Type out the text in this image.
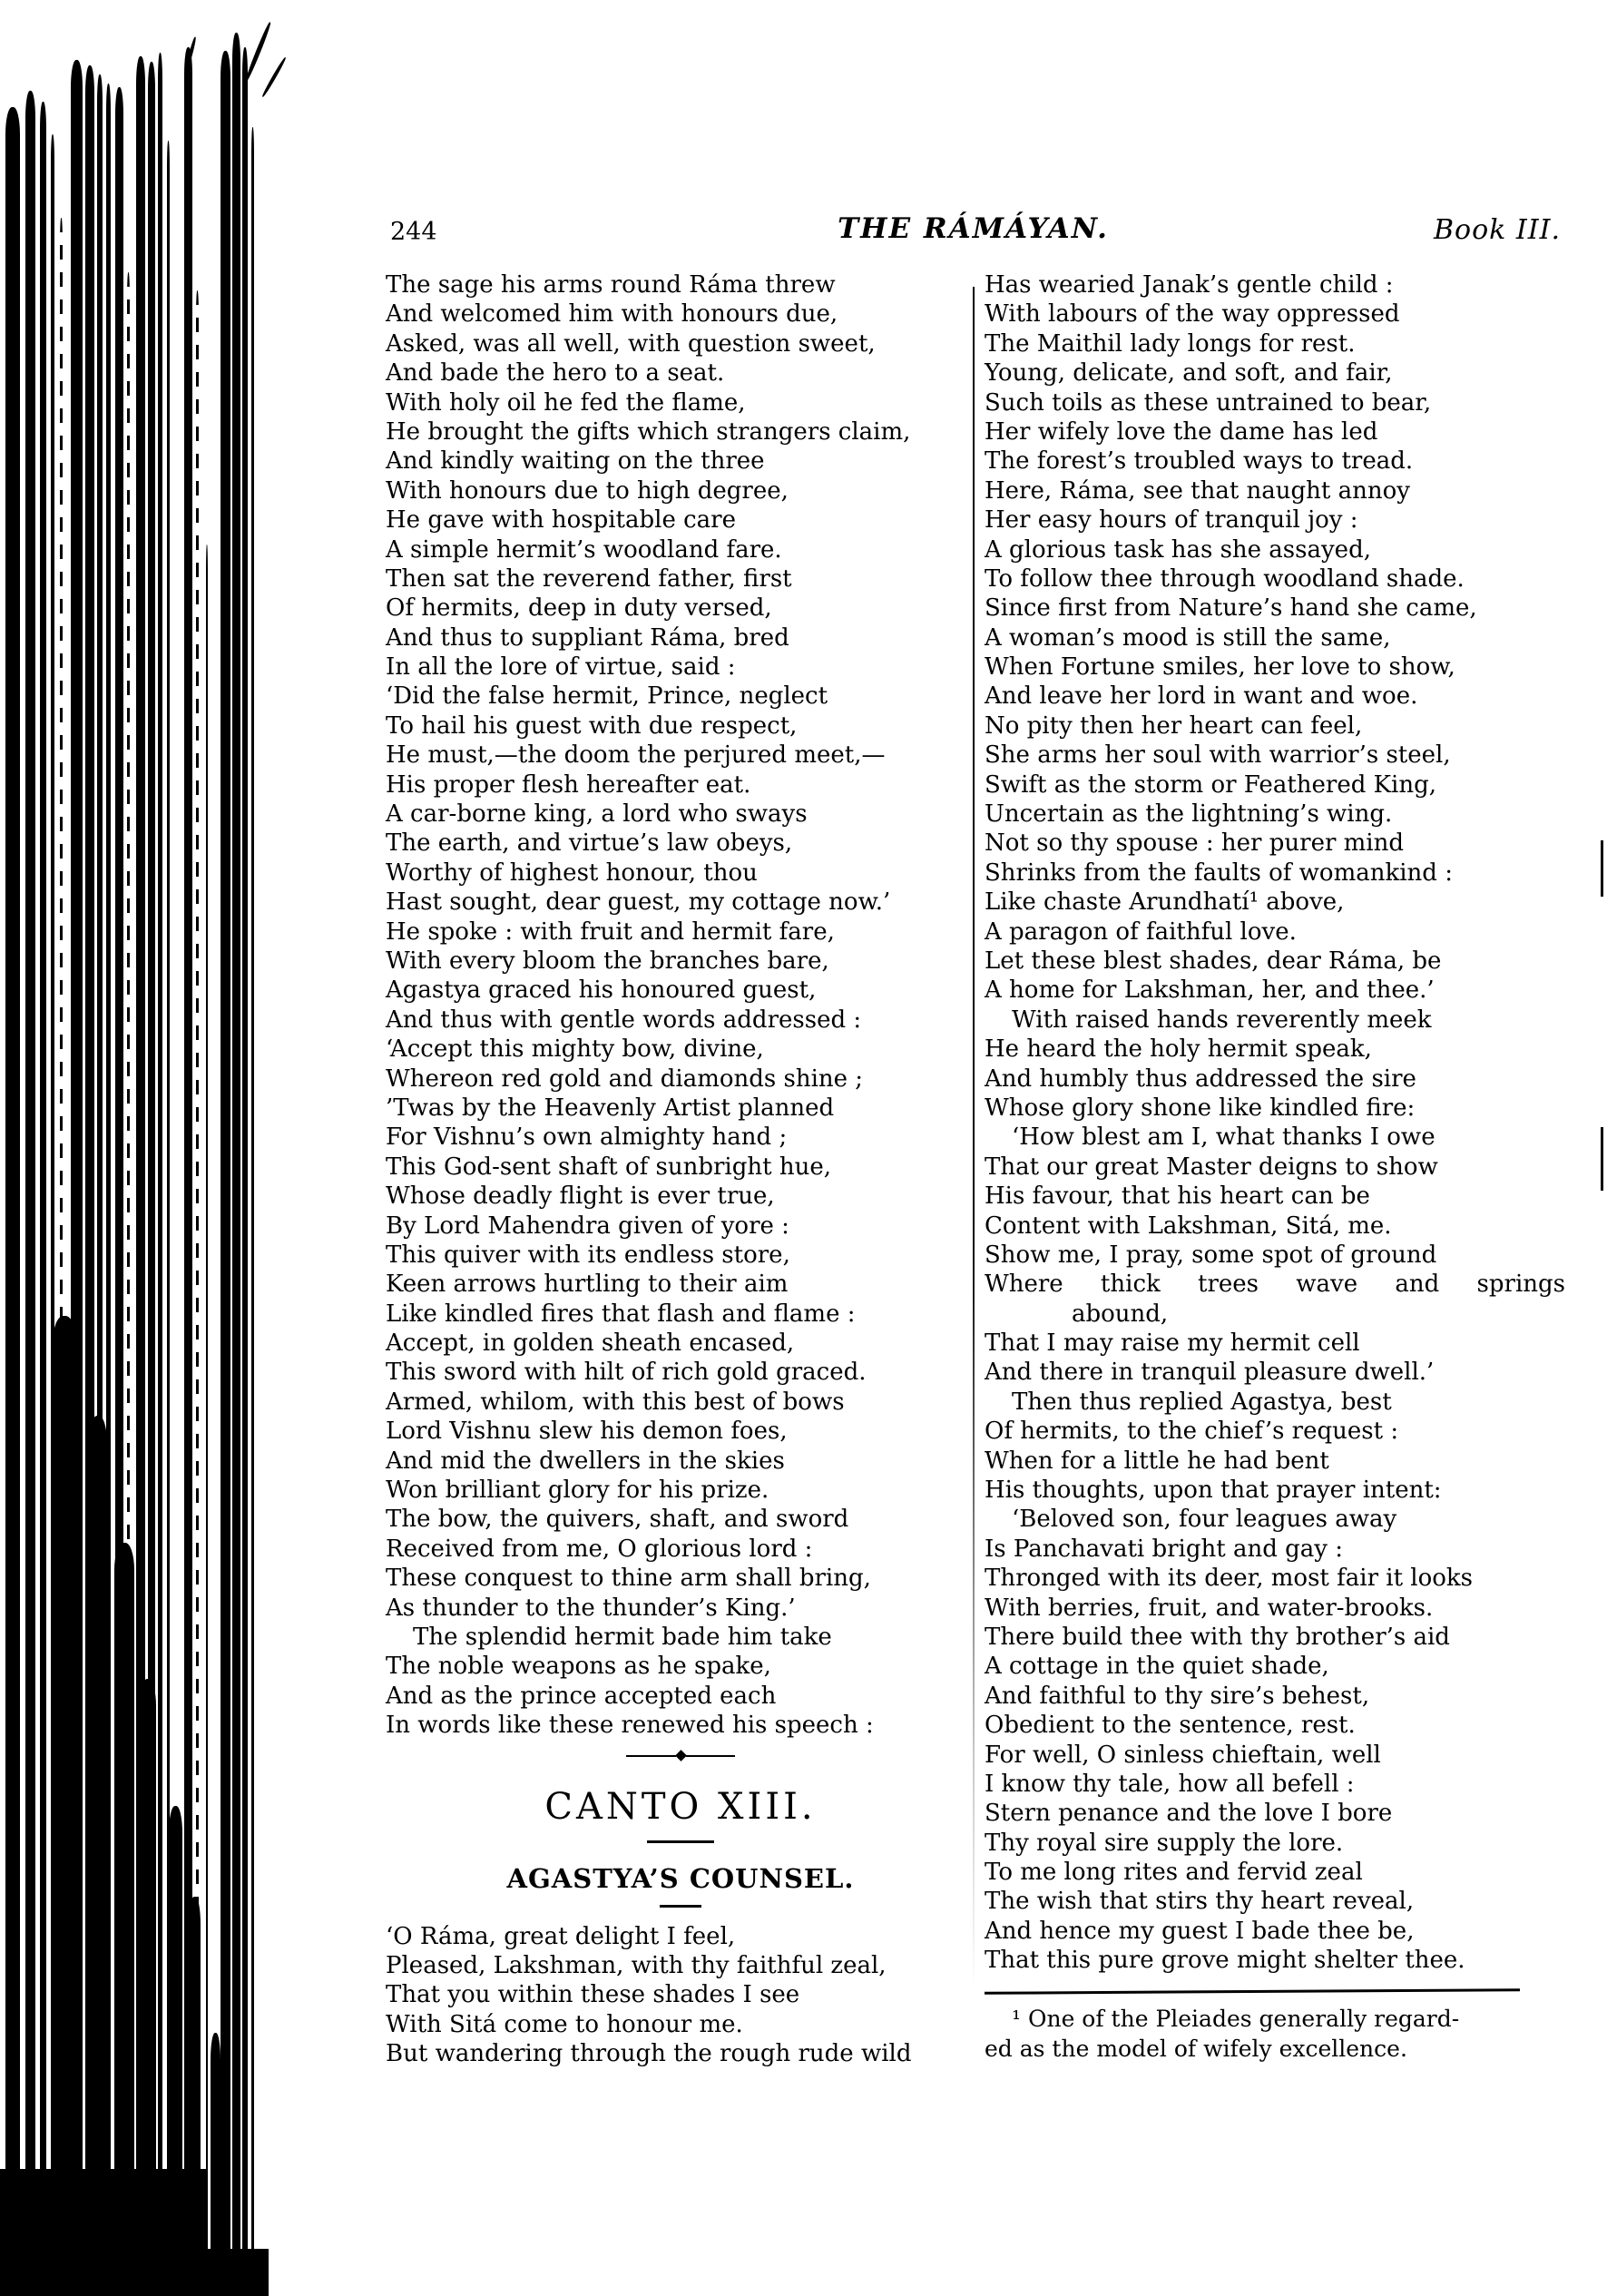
244	THE RÁMÁYAN.	Book III.
The sage his arms round Ráma threw
And welcomed him with honours due,
Asked, was all well, with question sweet,
And bade the hero to a seat.
With holy oil he fed the flame,
He brought the gifts which strangers claim,
And kindly waiting on the three
With honours due to high degree,
He gave with hospitable care
A simple hermit’s woodland fare.
Then sat the reverend father, first
Of hermits, deep in duty versed,
And thus to suppliant Ráma, bred
In all the lore of virtue, said :
‘Did the false hermit, Prince, neglect
To hail his guest with due respect,
He must,—the doom the perjured meet,—
His proper flesh hereafter eat.
A car-borne king, a lord who sways
The earth, and virtue’s law obeys,
Worthy of highest honour, thou
Hast sought, dear guest, my cottage now.’
He spoke : with fruit and hermit fare,
With every bloom the branches bare,
Agastya graced his honoured guest,
And thus with gentle words addressed :
‘Accept this mighty bow, divine,
Whereon red gold and diamonds shine ;
’Twas by the Heavenly Artist planned
For Vishnu’s own almighty hand ;
This God-sent shaft of sunbright hue,
Whose deadly flight is ever true,
By Lord Mahendra given of yore :
This quiver with its endless store,
Keen arrows hurtling to their aim
Like kindled fires that flash and flame :
Accept, in golden sheath encased,
This sword with hilt of rich gold graced.
Armed, whilom, with this best of bows
Lord Vishnu slew his demon foes,
And mid the dwellers in the skies
Won brilliant glory for his prize.
The bow, the quivers, shaft, and sword
Received from me, O glorious lord :
These conquest to thine arm shall bring,
As thunder to the thunder’s King.’
The splendid hermit bade him take
The noble weapons as he spake,
And as the prince accepted each
In words like these renewed his speech :
CANTO XIII.
AGASTYA’S COUNSEL.
‘O Ráma, great delight I feel,
Pleased, Lakshman, with thy faithful zeal,
That you within these shades I see
With Sitá come to honour me.
But wandering through the rough rude wild
Has wearied Janak’s gentle child :
With labours of the way oppressed
The Maithil lady longs for rest.
Young, delicate, and soft, and fair,
Such toils as these untrained to bear,
Her wifely love the dame has led
The forest’s troubled ways to tread.
Here, Ráma, see that naught annoy
Her easy hours of tranquil joy :
A glorious task has she assayed,
To follow thee through woodland shade.
Since first from Nature’s hand she came,
A woman’s mood is still the same,
When Fortune smiles, her love to show,
And leave her lord in want and woe.
No pity then her heart can feel,
She arms her soul with warrior’s steel,
Swift as the storm or Feathered King,
Uncertain as the lightning’s wing.
Not so thy spouse : her purer mind
Shrinks from the faults of womankind :
Like chaste Arundhatí¹ above,
A paragon of faithful love.
Let these blest shades, dear Ráma, be
A home for Lakshman, her, and thee.’
With raised hands reverently meek
He heard the holy hermit speak,
And humbly thus addressed the sire
Whose glory shone like kindled fire:
‘How blest am I, what thanks I owe
That our great Master deigns to show
His favour, that his heart can be
Content with Lakshman, Sitá, me.
Show me, I pray, some spot of ground
Where thick trees wave and springs
abound,
That I may raise my hermit cell
And there in tranquil pleasure dwell.’
Then thus replied Agastya, best
Of hermits, to the chief’s request :
When for a little he had bent
His thoughts, upon that prayer intent:
‘Beloved son, four leagues away
Is Panchavati bright and gay :
Thronged with its deer, most fair it looks
With berries, fruit, and water-brooks.
There build thee with thy brother’s aid
A cottage in the quiet shade,
And faithful to thy sire’s behest,
Obedient to the sentence, rest.
For well, O sinless chieftain, well
I know thy tale, how all befell :
Stern penance and the love I bore
Thy royal sire supply the lore.
To me long rites and fervid zeal
The wish that stirs thy heart reveal,
And hence my guest I bade thee be,
That this pure grove might shelter thee.
¹ One of the Pleiades generally regard-
ed as the model of wifely excellence.
